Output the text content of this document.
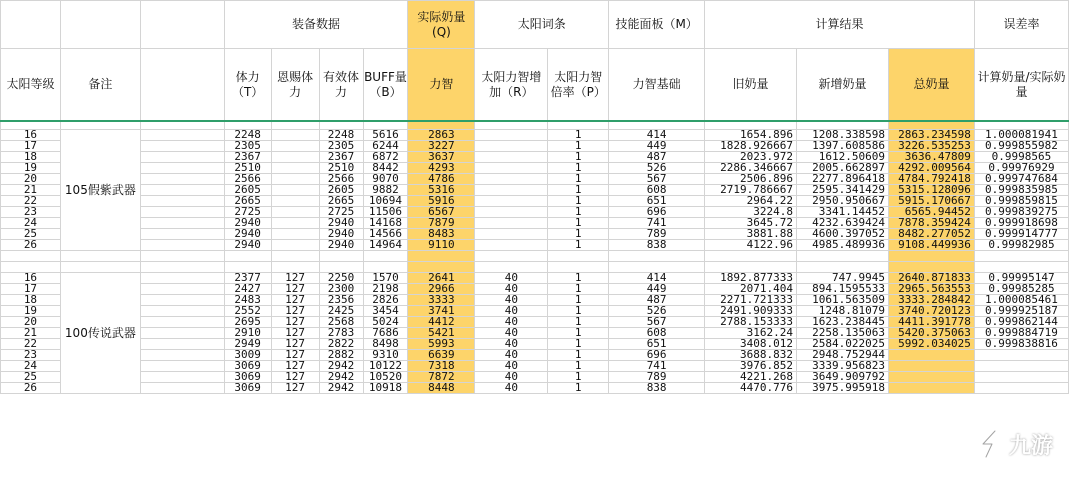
			装备数据				实际奶量(Q)	太阳词条		技能面板（M）	计算结果			误差率
太阳等级	备注		体力（T）	恩赐体力	有效体力	BUFF量（B）	力智	太阳力智增加（R）	太阳力智倍率（P）	力智基础	旧奶量	新增奶量	总奶量	计算奶量/实际奶量

16	105假紫武器		2248		2248	5616	2863		1	414	1654.896	1208.338598	2863.234598	1.000081941
17			2305		2305	6244	3227		1	449	1828.926667	1397.608586	3226.535253	0.999855982
18			2367		2367	6872	3637		1	487	2023.972	1612.50609	3636.47809	0.9998565
19			2510		2510	8442	4293		1	526	2286.346667	2005.662897	4292.009564	0.99976929
20			2566		2566	9070	4786		1	567	2506.896	2277.896418	4784.792418	0.999747684
21			2605		2605	9882	5316		1	608	2719.786667	2595.341429	5315.128096	0.999835985
22			2665		2665	10694	5916		1	651	2964.22	2950.950667	5915.170667	0.999859815
23			2725		2725	11506	6567		1	696	3224.8	3341.14452	6565.94452	0.999839275
24			2940		2940	14168	7879		1	741	3645.72	4232.639424	7878.359424	0.999918698
25			2940		2940	14566	8483		1	789	3881.88	4600.397052	8482.277052	0.999914777
26			2940		2940	14964	9110		1	838	4122.96	4985.489936	9108.449936	0.99982985

16	100传说武器		2377	127	2250	1570	2641	40	1	414	1892.877333	747.9945	2640.871833	0.99995147
17			2427	127	2300	2198	2966	40	1	449	2071.404	894.1595533	2965.563553	0.99985285
18			2483	127	2356	2826	3333	40	1	487	2271.721333	1061.563509	3333.284842	1.000085461
19			2552	127	2425	3454	3741	40	1	526	2491.909333	1248.81079	3740.720123	0.999925187
20			2695	127	2568	5024	4412	40	1	567	2788.153333	1623.238445	4411.391778	0.999862144
21			2910	127	2783	7686	5421	40	1	608	3162.24	2258.135063	5420.375063	0.999884719
22			2949	127	2822	8498	5993	40	1	651	3408.012	2584.022025	5992.034025	0.999838816
23			3009	127	2882	9310	6639	40	1	696	3688.832	2948.752944		
24			3069	127	2942	10122	7318	40	1	741	3976.852	3339.956823		
25			3069	127	2942	10520	7872	40	1	789	4221.268	3649.909792		
26			3069	127	2942	10918	8448	40	1	838	4470.776	3975.995918		
九游
